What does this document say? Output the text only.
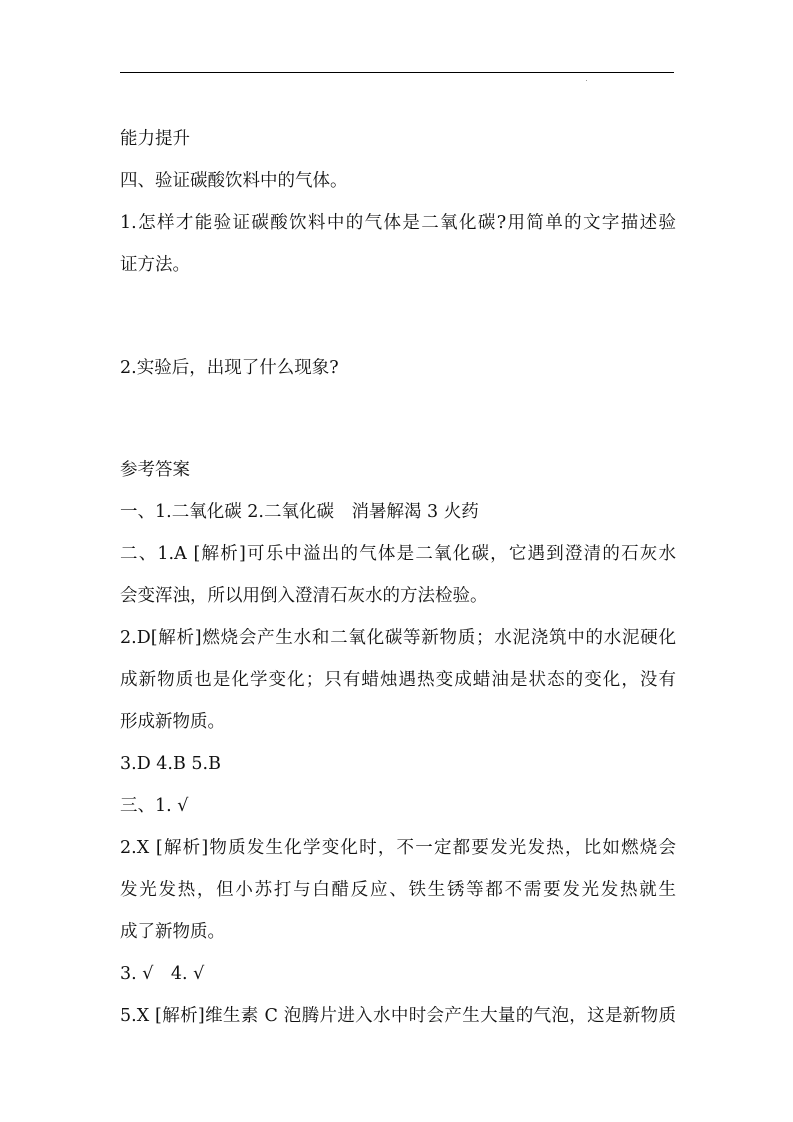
能力提升
四、验证碳酸饮料中的气体。
1.怎样才能验证碳酸饮料中的气体是二氧化碳?用简单的文字描述验
证方法。
2.实验后，出现了什么现象?
参考答案
一、1.二氧化碳 2.二氧化碳　消暑解渴 3 火药
二、1.A [解析]可乐中溢出的气体是二氧化碳，它遇到澄清的石灰水
会变浑浊，所以用倒入澄清石灰水的方法检验。
2.D[解析]燃烧会产生水和二氧化碳等新物质；水泥浇筑中的水泥硬化
成新物质也是化学变化；只有蜡烛遇热变成蜡油是状态的变化，没有
形成新物质。
3.D 4.B 5.B
三、1. √
2.X [解析]物质发生化学变化时，不一定都要发光发热，比如燃烧会
发光发热，但小苏打与白醋反应、铁生锈等都不需要发光发热就生
成了新物质。
3. √　4. √
5.X [解析]维生素 C 泡腾片进入水中时会产生大量的气泡，这是新物质
